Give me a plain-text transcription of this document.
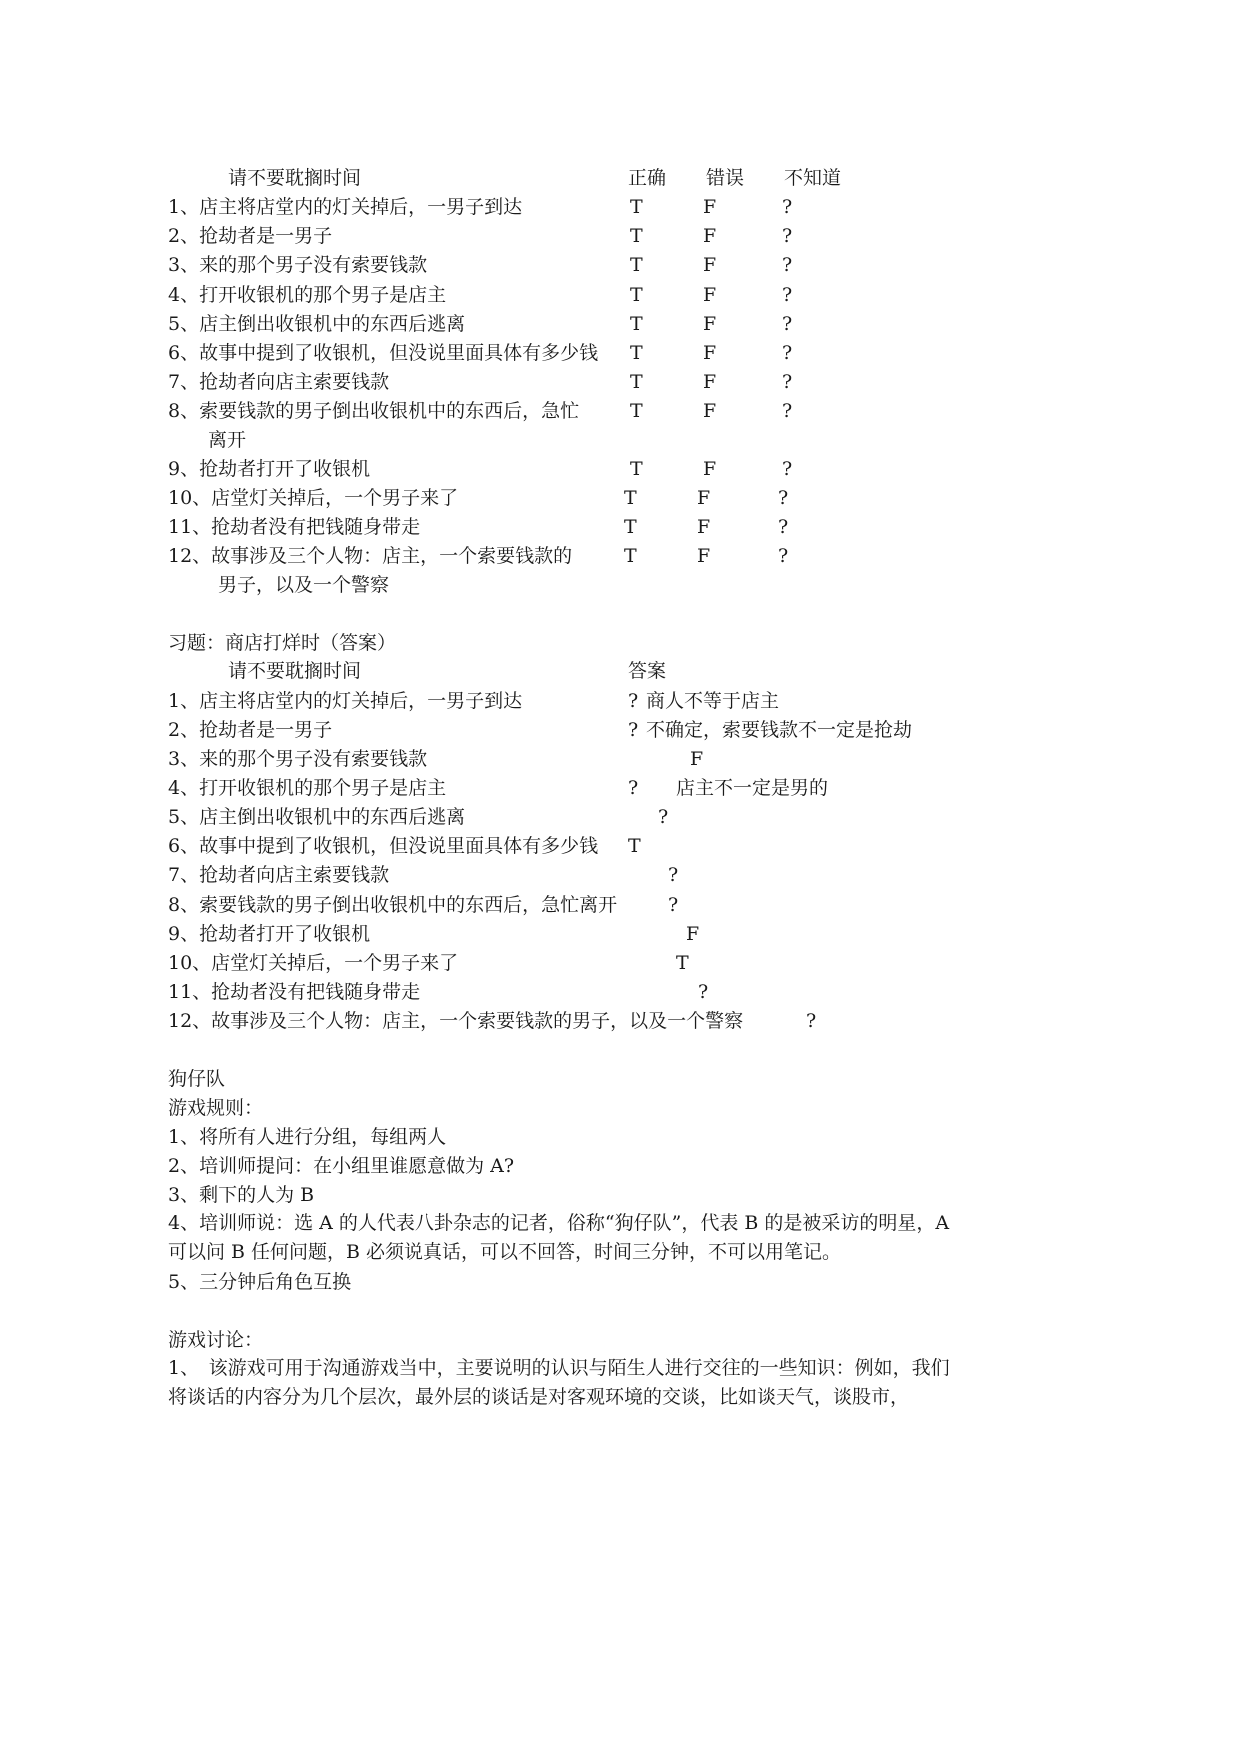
请不要耽搁时间	正确 错误 不知道
1、店主将店堂内的灯关掉后，一男子到达	T	F	?
2、抢劫者是一男子	T	F	?
3、来的那个男子没有索要钱款	T	F	?
4、打开收银机的那个男子是店主	T	F	?
5、店主倒出收银机中的东西后逃离	T	F	?
6、故事中提到了收银机，但没说里面具体有多少钱 T	F	?
7、抢劫者向店主索要钱款	T	F	?
8、索要钱款的男子倒出收银机中的东西后，急忙
离开
T	F	?
9、抢劫者打开了收银机	T	F	?
10、店堂灯关掉后，一个男子来了	T	F	?
11、抢劫者没有把钱随身带走	T	F	?
12、故事涉及三个人物：店主，一个索要钱款的
男子，以及一个警察
T	F	?
习题：商店打烊时（答案）
请不要耽搁时间	答案
1、店主将店堂内的灯关掉后，一男子到达	? 商人不等于店主
2、抢劫者是一男子	? 不确定，索要钱款不一定是抢劫
3、来的那个男子没有索要钱款	F
4、打开收银机的那个男子是店主	? 店主不一定是男的
5、店主倒出收银机中的东西后逃离	?
6、故事中提到了收银机，但没说里面具体有多少钱 T
7、抢劫者向店主索要钱款	?
8、索要钱款的男子倒出收银机中的东西后，急忙离开	?
9、抢劫者打开了收银机	F
10、店堂灯关掉后，一个男子来了	T
11、抢劫者没有把钱随身带走	?
12、故事涉及三个人物：店主，一个索要钱款的男子，以及一个警察	?
狗仔队
游戏规则：
1、将所有人进行分组，每组两人
2、培训师提问：在小组里谁愿意做为 A?
3、剩下的人为 B
4、培训师说：选 A 的人代表八卦杂志的记者，俗称“狗仔队”，代表 B 的是被采访的明星，A 可以问 B 任何问题，B 必须说真话，可以不回答，时间三分钟，不可以用笔记。
5、三分钟后角色互换
游戏讨论：
1、　该游戏可用于沟通游戏当中，主要说明的认识与陌生人进行交往的一些知识：例如，我们将谈话的内容分为几个层次，最外层的谈话是对客观环境的交谈，比如谈天气，谈股市，
